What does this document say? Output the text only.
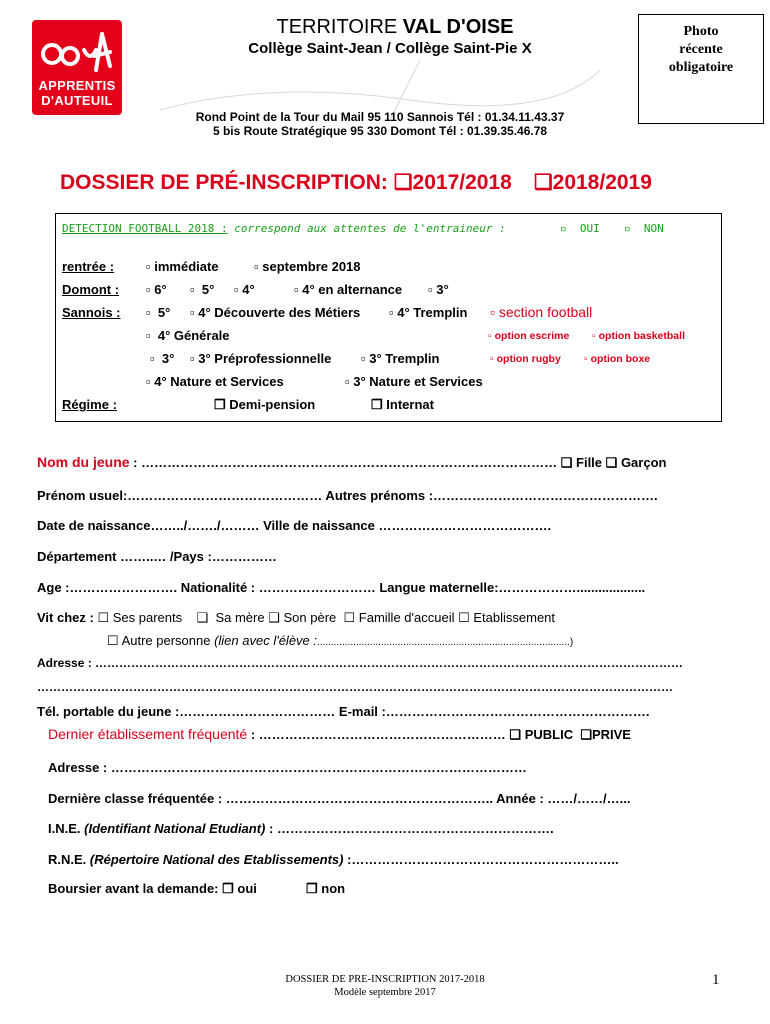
APPRENTIS
D'AUTEUIL
TERRITOIRE VAL D'OISE
Collège Saint-Jean / Collège Saint-Pie X
Photo
récente
obligatoire
Rond Point de la Tour du Mail 95 110 Sannois Tél : 01.34.11.43.37
5 bis Route Stratégique 95 330 Domont Tél : 01.39.35.46.78
DOSSIER DE PRÉ-INSCRIPTION: ❑2017/2018 ❑2018/2019
DETECTION FOOTBALL 2018 : correspond aux attentes de l'entraineur :	▫  OUI ▫  NON
rentrée : ▫ immédiate	▫ septembre 2018
Domont : ▫ 6° ▫  5° ▫ 4°	▫ 4° en alternance ▫ 3°
Sannois : ▫  5° ▫ 4° Découverte des Métiers ▫ 4° Tremplin ▫ section football
▫  4° Générale	▫ option escrime ▫ option basketball
▫  3° ▫ 3° Préprofessionnelle ▫ 3° Tremplin	▫ option rugby ▫ option boxe
▫ 4° Nature et Services	▫ 3° Nature et Services
Régime :	❒ Demi-pension	❒ Internat
Nom du jeune : …………………………………………………………………………………… ❑ Fille ❑ Garçon
Prénom usuel:……………………………………… Autres prénoms :…………………………………………….
Date de naissance……../……./……… Ville de naissance ………………………………….
Département ……..… /Pays :……………
Age :……………………. Nationalité : ……………………… Langue maternelle:………………...................
Vit chez : ☐ Ses parents ❑  Sa mère ❑ Son père ☐ Famille d'accueil ☐ Etablissement
☐ Autre personne (lien avec l'élève :...........................................................................................)
Adresse : …………………………………………………………………………………………………………………………………
……………………………………………………………………………………………………………………………………………
Tél. portable du jeune :……………………………… E-mail :…………………………………………………….
Dernier établissement fréquenté : ………………………………………………… ❑ PUBLIC ❑PRIVE
Adresse : ……………………………………………………………………………………
Dernière classe fréquentée : …………………………………………………….. Année : ……/……/…...
I.N.E. (Identifiant National Etudiant) : ……………………………………………………….
R.N.E. (Répertoire National des Etablissements) :……………………………………………………..
Boursier avant la demande: ❒ oui	❒ non
DOSSIER DE PRE-INSCRIPTION 2017-2018
Modèle septembre 2017
1
